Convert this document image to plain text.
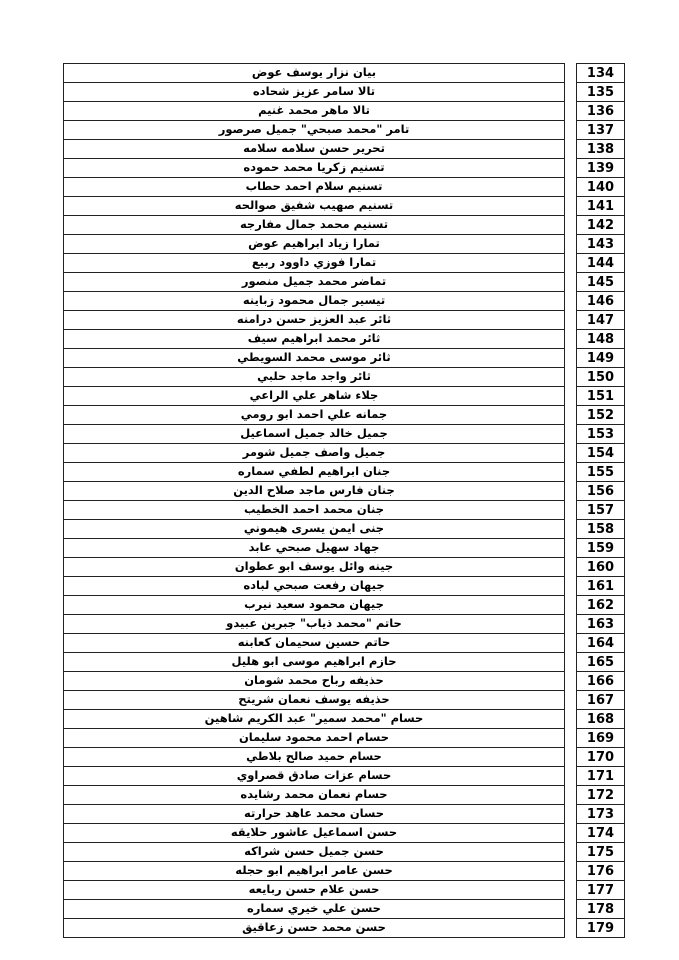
بيان نزار يوسف عوض		134
تالا سامر عزيز شحاده		135
تالا ماهر محمد غنيم		136
تامر "محمد صبحي" جميل صرصور		137
تحرير حسن سلامه سلامه		138
تسنيم زكريا محمد حموده		139
تسنيم سلام احمد حطاب		140
تسنيم صهيب شفيق صوالحه		141
تسنيم محمد جمال مفارجه		142
تمارا زياد ابراهيم عوض		143
تمارا فوزي داوود ربيع		144
تماضر محمد جميل منصور		145
تيسير جمال محمود زباينه		146
ثائر عبد العزيز حسن درامنه		147
ثائر محمد ابراهيم سيف		148
ثائر موسى محمد السويطي		149
ثائر واجد ماجد حلبي		150
جلاء شاهر علي الراعي		151
جمانه علي احمد ابو رومي		152
جميل خالد جميل اسماعيل		153
جميل واصف جميل شومر		154
جنان ابراهيم لطفي سماره		155
جنان فارس ماجد صلاح الدين		156
جنان محمد احمد الخطيب		157
جنى ايمن يسرى هيموني		158
جهاد سهيل صبحي عابد		159
جينه وائل يوسف ابو عطوان		160
جيهان رفعت صبحي لباده		161
جيهان محمود سعيد نيرب		162
حاتم "محمد ذياب" جبرين عبيدو		163
حاتم حسين سحيمان كعابنه		164
حازم ابراهيم موسى ابو هليل		165
حذيفه رباح محمد شومان		166
حذيفه يوسف نعمان شريتح		167
حسام "محمد سمير" عبد الكريم شاهين		168
حسام احمد محمود سليمان		169
حسام حميد صالح بلاطي		170
حسام عزات صادق قصراوي		171
حسام نعمان محمد رشايده		172
حسان محمد عاهد حرارته		173
حسن اسماعيل عاشور حلايقه		174
حسن جميل حسن شراكه		175
حسن عامر ابراهيم ابو حجله		176
حسن علام حسن ربايعه		177
حسن علي خيري سماره		178
حسن محمد حسن زعاقيق		179
